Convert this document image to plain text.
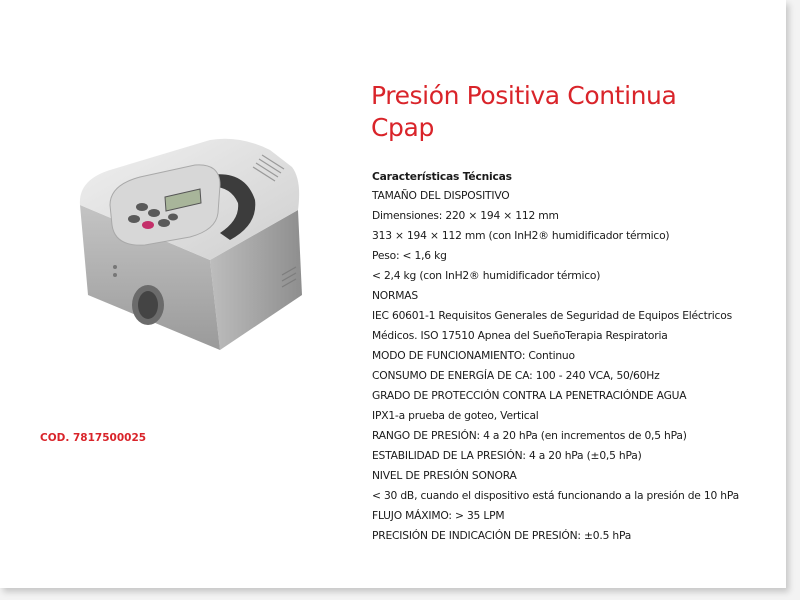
Presión Positiva Continua
Cpap
COD. 7817500025
Características Técnicas
TAMAÑO DEL DISPOSITIVO
Dimensiones: 220 × 194 × 112 mm
313 × 194 × 112 mm (con InH2® humidificador térmico)
Peso: < 1,6 kg
< 2,4 kg (con InH2® humidificador térmico)
NORMAS
IEC 60601-1 Requisitos Generales de Seguridad de Equipos Eléctricos
Médicos. ISO 17510 Apnea del SueñoTerapia Respiratoria
MODO DE FUNCIONAMIENTO: Continuo
CONSUMO DE ENERGÍA DE CA: 100 - 240 VCA, 50/60Hz
GRADO DE PROTECCIÓN CONTRA LA PENETRACIÓNDE AGUA
IPX1-a prueba de goteo, Vertical
RANGO DE PRESIÓN: 4 a 20 hPa (en incrementos de 0,5 hPa)
ESTABILIDAD DE LA PRESIÓN: 4 a 20 hPa (±0,5 hPa)
NIVEL DE PRESIÓN SONORA
< 30 dB, cuando el dispositivo está funcionando a la presión de 10 hPa
FLUJO MÁXIMO: > 35 LPM
PRECISIÓN DE INDICACIÓN DE PRESIÓN: ±0.5 hPa
